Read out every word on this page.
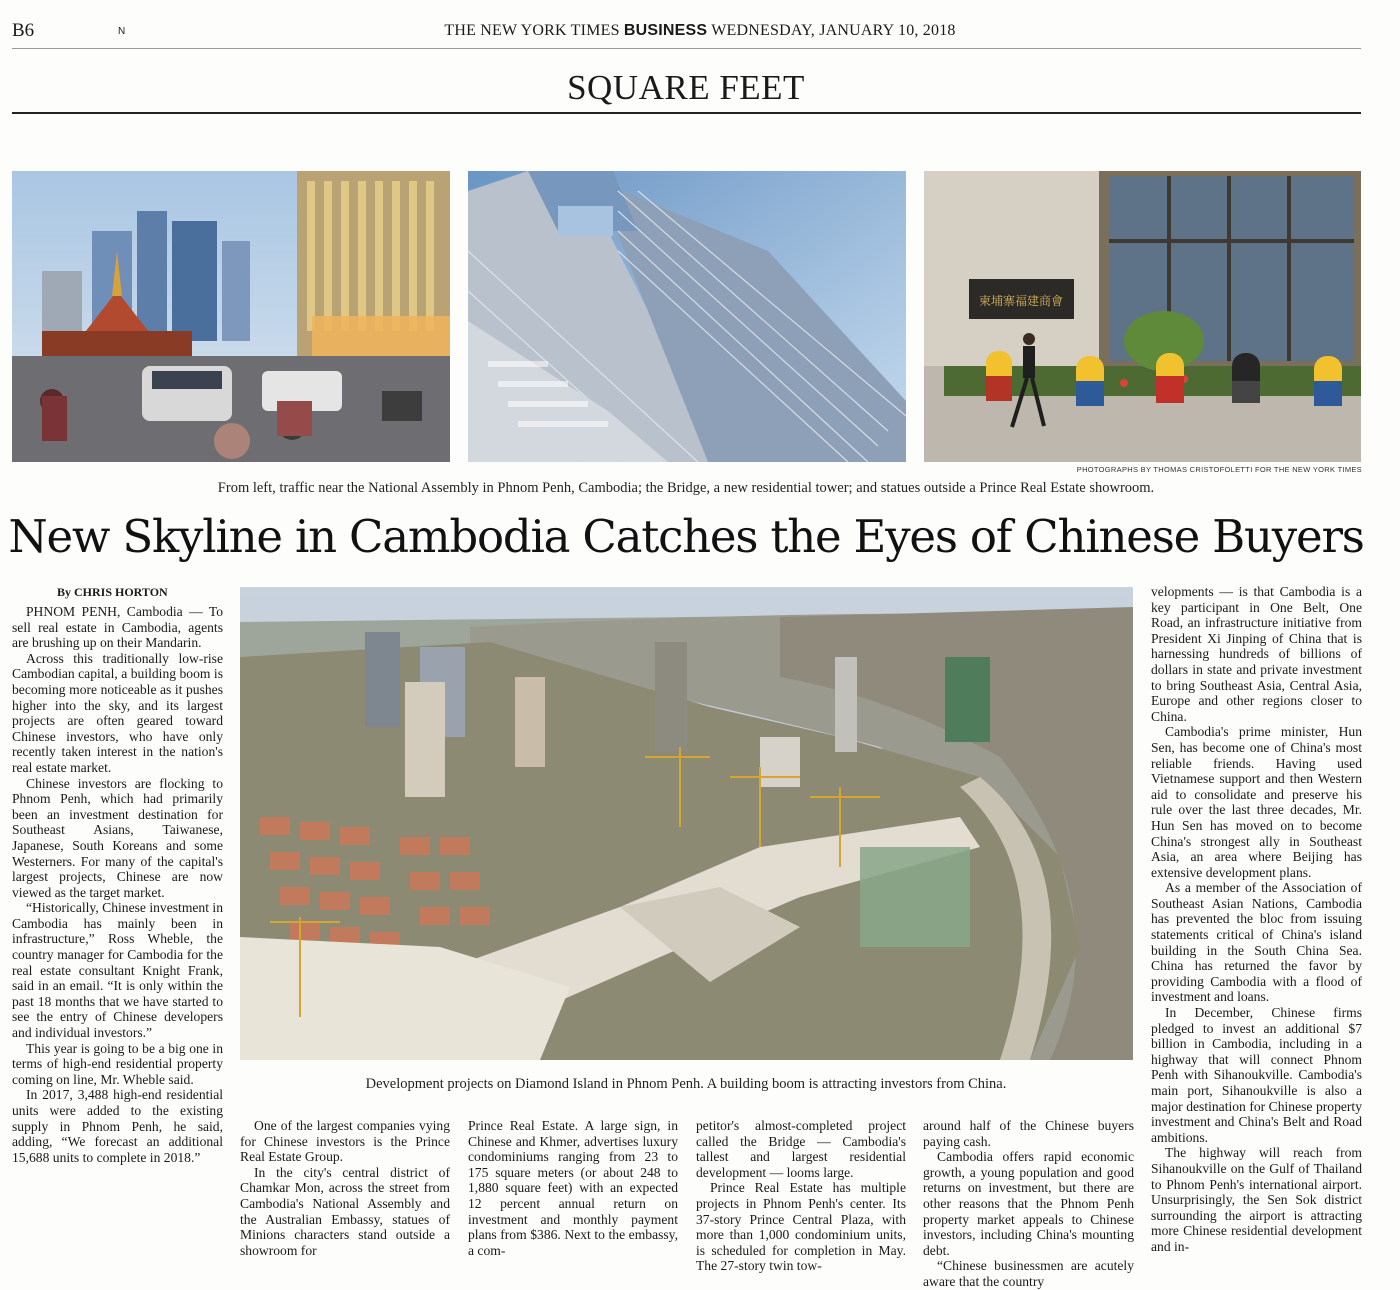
B6	N	THE NEW YORK TIMES BUSINESS WEDNESDAY, JANUARY 10, 2018
SQUARE FEET
柬埔寨福建商會
PHOTOGRAPHS BY THOMAS CRISTOFOLETTI FOR THE NEW YORK TIMES
From left, traffic near the National Assembly in Phnom Penh, Cambodia; the Bridge, a new residential tower; and statues outside a Prince Real Estate showroom.
New Skyline in Cambodia Catches the Eyes of Chinese Buyers
By CHRIS HORTON
Development projects on Diamond Island in Phnom Penh. A building boom is attracting investors from China.

PHNOM PENH, Cambodia — To sell real estate in Cambodia, agents are brushing up on their Mandarin.

Across this traditionally low-rise Cambodian capital, a building boom is becoming more noticeable as it pushes higher into the sky, and its largest projects are often geared toward Chinese investors, who have only recently taken interest in the nation's real estate market.

Chinese investors are flocking to Phnom Penh, which had primarily been an investment destination for Southeast Asians, Taiwanese, Japanese, South Koreans and some Westerners. For many of the capital's largest projects, Chinese are now viewed as the target market.

“Historically, Chinese investment in Cambodia has mainly been in infrastructure,” Ross Wheble, the country manager for Cambodia for the real estate consultant Knight Frank, said in an email. “It is only within the past 18 months that we have started to see the entry of Chinese developers and individual investors.”

This year is going to be a big one in terms of high-end residential property coming on line, Mr. Wheble said.

In 2017, 3,488 high-end residential units were added to the existing supply in Phnom Penh, he said, adding, “We forecast an additional 15,688 units to complete in 2018.”

One of the largest companies vying for Chinese investors is the Prince Real Estate Group.

In the city's central district of Chamkar Mon, across the street from Cambodia's National Assembly and the Australian Embassy, statues of Minions characters stand outside a showroom for

Prince Real Estate. A large sign, in Chinese and Khmer, advertises luxury condominiums ranging from 23 to 175 square meters (or about 248 to 1,880 square feet) with an expected 12 percent annual return on investment and monthly payment plans from $386. Next to the embassy, a com-

petitor's almost-completed project called the Bridge — Cambodia's tallest and largest residential development — looms large.

Prince Real Estate has multiple projects in Phnom Penh's center. Its 37-story Prince Central Plaza, with more than 1,000 condominium units, is scheduled for completion in May. The 27-story twin tow-

around half of the Chinese buyers paying cash.

Cambodia offers rapid economic growth, a young population and good returns on investment, but there are other reasons that the Phnom Penh property market appeals to Chinese investors, including China's mounting debt.

“Chinese businessmen are acutely aware that the country

velopments — is that Cambodia is a key participant in One Belt, One Road, an infrastructure initiative from President Xi Jinping of China that is harnessing hundreds of billions of dollars in state and private investment to bring Southeast Asia, Central Asia, Europe and other regions closer to China.

Cambodia's prime minister, Hun Sen, has become one of China's most reliable friends. Having used Vietnamese support and then Western aid to consolidate and preserve his rule over the last three decades, Mr. Hun Sen has moved on to become China's strongest ally in Southeast Asia, an area where Beijing has extensive development plans.

As a member of the Association of Southeast Asian Nations, Cambodia has prevented the bloc from issuing statements critical of China's island building in the South China Sea. China has returned the favor by providing Cambodia with a flood of investment and loans.

In December, Chinese firms pledged to invest an additional $7 billion in Cambodia, including in a highway that will connect Phnom Penh with Sihanoukville. Cambodia's main port, Sihanoukville is also a major destination for Chinese property investment and China's Belt and Road ambitions.

The highway will reach from Sihanoukville on the Gulf of Thailand to Phnom Penh's international airport. Unsurprisingly, the Sen Sok district surrounding the airport is attracting more Chinese residential development and in-
